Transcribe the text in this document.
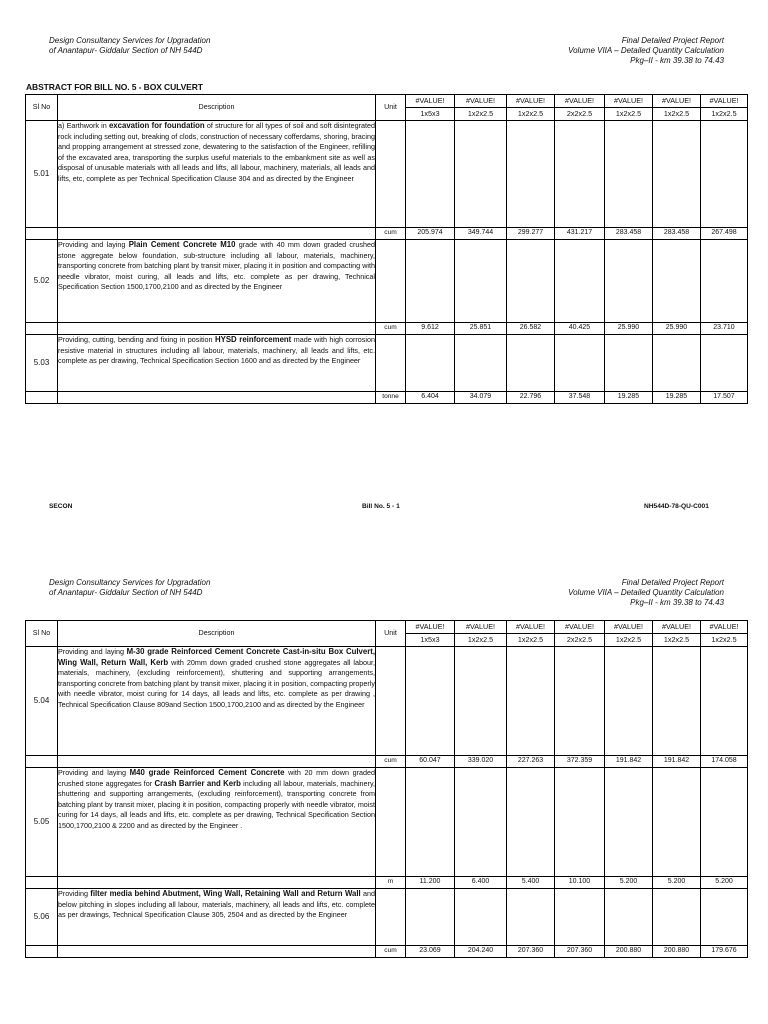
Design Consultancy Services for Upgradation
of Anantapur- Giddalur Section of NH 544D
Final Detailed Project Report
Volume VIIA – Detailed Quantity Calculation
Pkg–II - km 39.38 to 74.43
ABSTRACT FOR BILL NO. 5 - BOX CULVERT
Sl No	Description	Unit	#VALUE!	#VALUE!	#VALUE!	#VALUE!	#VALUE!	#VALUE!	#VALUE!
			1x5x3	1x2x2.5	1x2x2.5	2x2x2.5	1x2x2.5	1x2x2.5	1x2x2.5
5.01	a) Earthwork in excavation for foundation of structure for all types of soil and soft disintegrated rock including setting out, breaking of clods, construction of necessary cofferdams, shoring, bracing and propping arrangement at stressed zone, dewatering to the satisfaction of the Engineer, refilling of the excavated area, transporting the surplus useful materials to the embankment site as well as disposal of unusable materials with all leads and lifts, all labour, machinery, materials, all leads and lifts, etc, complete as per Technical Specification Clause 304 and as directed by the Engineer								
		cum	205.974	349.744	299.277	431.217	283.458	283.458	267.498
5.02	Providing and laying Plain Cement Concrete M10 grade with 40 mm down graded crushed stone aggregate below foundation, sub-structure including all labour, materials, machinery, transporting concrete from batching plant by transit mixer, placing it in position and compacting with needle vibrator, moist curing, all leads and lifts, etc. complete as per drawing, Technical Specification Section 1500,1700,2100 and as directed by the Engineer								
		cum	9.612	25.851	26.582	40.425	25.990	25.990	23.710
5.03	Providing, cutting, bending and fixing in position HYSD reinforcement made with high corrosion resistive material in structures including all labour, materials, machinery, all leads and lifts, etc. complete as per drawing, Technical Specification Section 1600 and as directed by the Engineer								
		tonne	6.404	34.079	22.796	37.548	19.285	19.285	17.507
SECON	Bill No. 5 - 1	NH544D-78-QU-C001
Design Consultancy Services for Upgradation
of Anantapur- Giddalur Section of NH 544D
Final Detailed Project Report
Volume VIIA – Detailed Quantity Calculation
Pkg–II - km 39.38 to 74.43
Sl No	Description	Unit	#VALUE!	#VALUE!	#VALUE!	#VALUE!	#VALUE!	#VALUE!	#VALUE!
			1x5x3	1x2x2.5	1x2x2.5	2x2x2.5	1x2x2.5	1x2x2.5	1x2x2.5
5.04	Providing and laying M-30 grade Reinforced Cement Concrete Cast-in-situ Box Culvert, Wing Wall, Return Wall, Kerb with 20mm down graded crushed stone aggregates all labour, materials, machinery, (excluding reinforcement), shuttering and supporting arrangements, transporting concrete from batching plant by transit mixer, placing it in position, compacting properly with needle vibrator, moist curing for 14 days, all leads and lifts, etc. complete as per drawing , Technical Specification Clause 809and Section 1500,1700,2100 and as directed by the Engineer								
		cum	60.047	339.020	227.263	372.359	191.842	191.842	174.058
5.05	Providing and laying M40 grade Reinforced Cement Concrete with 20 mm down graded crushed stone aggregates for Crash Barrier and Kerb including all labour, materials, machinery, shuttering and supporting arrangements, (excluding reinforcement), transporting concrete from batching plant by transit mixer, placing it in position, compacting properly with needle vibrator, moist curing for 14 days, all leads and lifts, etc. complete as per drawing, Technical Specification Section 1500,1700,2100 & 2200 and as directed by the Engineer .								
		m	11.200	6.400	5.400	10.100	5.200	5.200	5.200
5.06	Providing filter media behind Abutment, Wing Wall, Retaining Wall and Return Wall and below pitching in slopes including all labour, materials, machinery, all leads and lifts, etc. complete as per drawings, Technical Specification Clause 305, 2504 and as directed by the Engineer								
		cum	23.069	204.240	207.360	207.360	200.880	200.880	179.676
